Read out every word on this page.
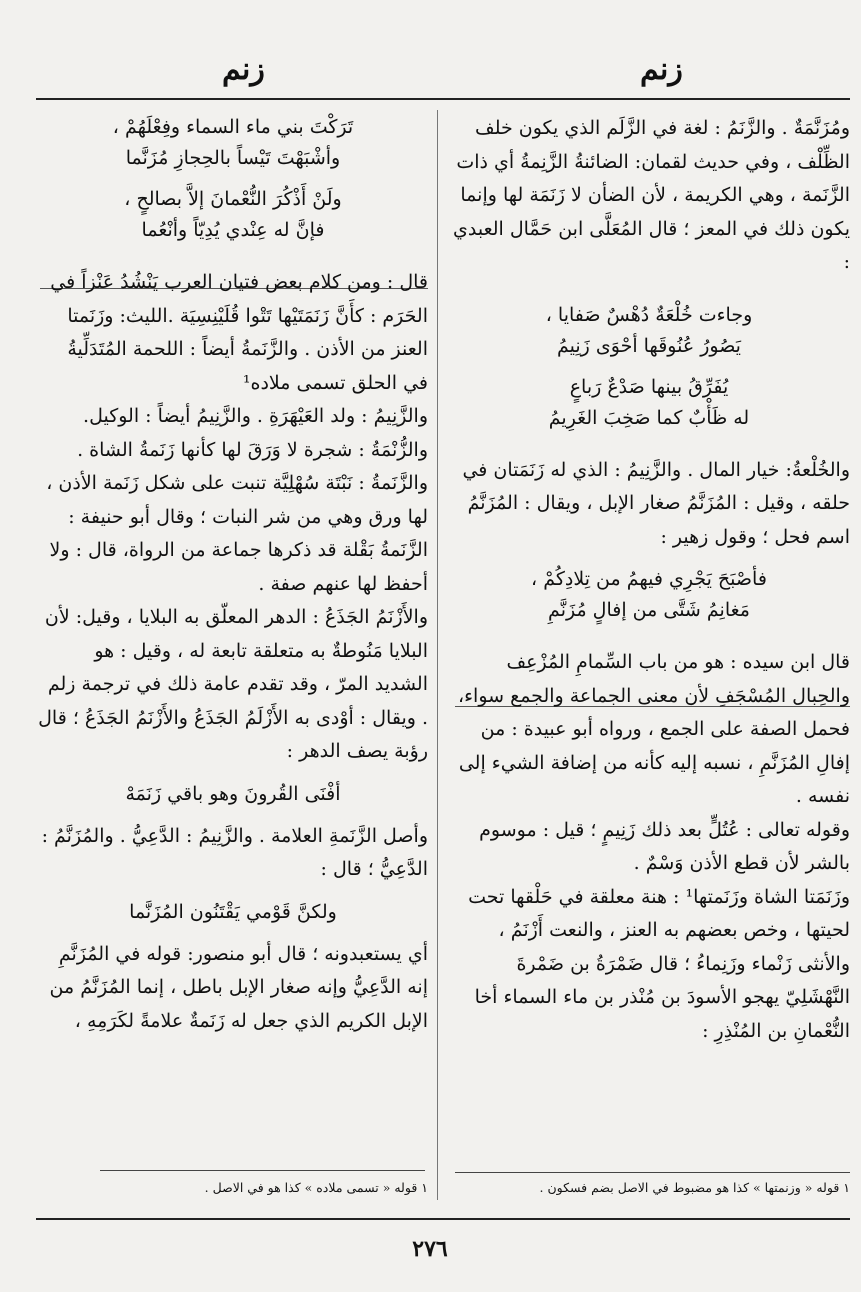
زنم
زنم

ومُزَنَّمَةٌ . والزَّنَمُ : لغة في الزَّلَم الذي يكون خلف الظِّلْف ، وفي حديث لقمان: الضائنةُ الزَّنِمةُ أي ذات الزَّنَمة ، وهي الكريمة ، لأن الضأن لا زَنَمَة لها وإنما يكون ذلك في المعز ؛ قال المُعَلَّى ابن حَمَّال العبدي :

وجاءت خُلْعَةٌ دُهْسٌ صَفايا ،

يَصُورُ عُنُوقَها أحْوَى زَنِيمُ

يُفَرِّقُ بينها صَدْعٌ رَباعٍ

له ظَأْبٌ كما صَخِبَ الغَرِيمُ

والخُلْعةُ: خيار المال . والزَّنِيمُ : الذي له زَنَمَتان في حلقه ، وقيل : المُزَنَّمُ صغار الإبل ، ويقال : المُزَنَّمُ اسم فحل ؛ وقول زهير :

فأصْبَحَ يَجْرِي فيهمُ من تِلادِكُمْ ،

مَغانِمُ شَتَّى من إفالٍ مُزَنَّمِ

قال ابن سيده : هو من باب السِّمامِ المُزْعِف والحِبال المُسْجَفِ لأن معنى الجماعة والجمع سواء، فحمل الصفة على الجمع ، ورواه أبو عبيدة : من إفالِ المُزَنَّمِ ، نسبه إليه كأنه من إضافة الشيء إلى نفسه .

وقوله تعالى : عُتُلٍّ بعد ذلك زَنِيمٍ ؛ قيل : موسوم بالشر لأن قطع الأذن وَسْمٌ .

وزَنَمَتا الشاة وزَنَمتها¹ : هنة معلقة في حَلْقها تحت لحيتها ، وخص بعضهم به العنز ، والنعت أَزْنَمُ ، والأنثى زَنْماء وزَنِماءُ ؛ قال ضَمْرَةُ بن ضَمْرةَ النَّهْشَلِيّ يهجو الأسودَ بن مُنْذر بن ماء السماء أخا النُّعْمانِ بن المُنْذِرِ :

تَرَكْتَ بني ماء السماء وفِعْلَهُمْ ،

وأشْبَهْتَ تَيْساً بالحِجازِ مُزَنَّما

ولَنْ أَذْكُرَ النُّعْمانَ إلاَّ بصالحٍ ،

فإنَّ له عِنْدي يُدِيّاً وأنْعُما

قال : ومن كلام بعض فتيان العرب يَنْشُدُ عَنْزاً في الحَرَم : كأَنَّ زَنَمَتَيْها تَتْوا قُلَيْنِسِيَة .الليث: وزَنَمتا العنز من الأذن . والزَّنَمةُ أيضاً : اللحمة المُتَدَلِّيةُ في الحلق تسمى ملاده¹

والزَّنِيمُ : ولد العَيْهَرَةِ . والزَّنِيمُ أيضاً : الوكيل. والزُّنْمَةُ : شجرة لا وَرَقَ لها كأنها زَنَمةُ الشاة . والزَّنَمةُ : نَبْتَة سُهْلِيَّة تنبت على شكل زَنَمة الأذن ، لها ورق وهي من شر النبات ؛ وقال أبو حنيفة : الزَّنَمةُ بَقْلة قد ذكرها جماعة من الرواة، قال : ولا أحفظ لها عنهم صفة .

والأَزْنَمُ الجَذَعُ : الدهر المعلّق به البلايا ، وقيل: لأن البلايا مَنُوطةٌ به متعلقة تابعة له ، وقيل : هو الشديد المرّ ، وقد تقدم عامة ذلك في ترجمة زلم . ويقال : أوْدى به الأَزْلَمُ الجَذَعُ والأَزْنَمُ الجَذَعُ ؛ قال رؤبة يصف الدهر :

أفْنَى القُرونَ وهو باقي زَنَمَهْ

وأصل الزَّنَمةِ العلامة . والزَّنِيمُ : الدَّعِيُّ . والمُزَنَّمُ : الدَّعِيُّ ؛ قال :

ولكنَّ قَوْمي يَقْتَنُون المُزَنَّما

أي يستعبدونه ؛ قال أبو منصور: قوله في المُزَنَّمِ إنه الدَّعِيُّ وإنه صغار الإبل باطل ، إنما المُزَنَّمُ من الإبل الكريم الذي جعل له زَنَمةٌ علامةً لكَرَمِهِ ،

١ قوله « وزنمتها » كذا هو مضبوط في الاصل بضم فسكون .
١ قوله « تسمى ملاده » كذا هو في الاصل .
٢٧٦
